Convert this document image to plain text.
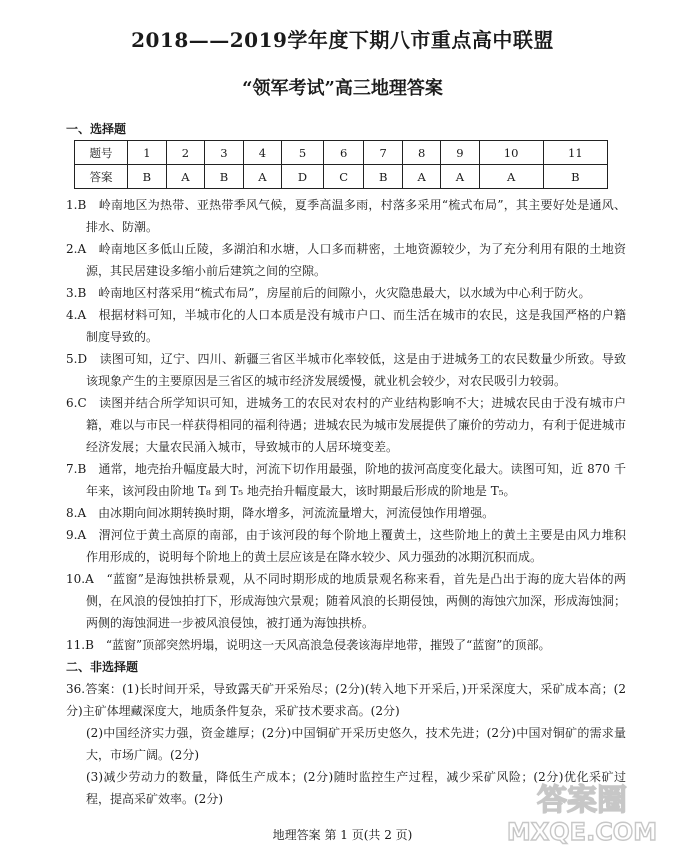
2018——2019学年度下期八市重点高中联盟
“领军考试”高三地理答案
一、选择题
题号	1	2	3	4	5	6	7	8	9	10	11
答案	B	A	B	A	D	C	B	A	A	A	B

1.B　岭南地区为热带、亚热带季风气候，夏季高温多雨，村落多采用“梳式布局”，其主要好处是通风、排水、防潮。

2.A　岭南地区多低山丘陵，多湖泊和水塘，人口多而耕密，土地资源较少，为了充分利用有限的土地资源，其民居建设多缩小前后建筑之间的空隙。

3.B　岭南地区村落采用“梳式布局”，房屋前后的间隙小，火灾隐患最大，以水域为中心利于防火。

4.A　根据材料可知，半城市化的人口本质是没有城市户口、而生活在城市的农民，这是我国严格的户籍制度导致的。

5.D　读图可知，辽宁、四川、新疆三省区半城市化率较低，这是由于进城务工的农民数量少所致。导致该现象产生的主要原因是三省区的城市经济发展缓慢，就业机会较少，对农民吸引力较弱。

6.C　读图并结合所学知识可知，进城务工的农民对农村的产业结构影响不大；进城农民由于没有城市户籍，难以与市民一样获得相同的福利待遇；进城农民为城市发展提供了廉价的劳动力，有利于促进城市经济发展；大量农民涌入城市，导致城市的人居环境变差。

7.B　通常，地壳抬升幅度最大时，河流下切作用最强，阶地的拔河高度变化最大。读图可知，近 870 千年来，该河段由阶地 T₈ 到 T₅ 地壳抬升幅度最大，该时期最后形成的阶地是 T₅。

8.A　由冰期向间冰期转换时期，降水增多，河流流量增大，河流侵蚀作用增强。

9.A　渭河位于黄土高原的南部，由于该河段的每个阶地上覆黄土，这些阶地上的黄土主要是由风力堆积作用形成的，说明每个阶地上的黄土层应该是在降水较少、风力强劲的冰期沉积而成。

10.A　“蓝窗”是海蚀拱桥景观，从不同时期形成的地质景观名称来看，首先是凸出于海的庞大岩体的两侧，在风浪的侵蚀拍打下，形成海蚀穴景观；随着风浪的长期侵蚀，两侧的海蚀穴加深，形成海蚀洞；两侧的海蚀洞进一步被风浪侵蚀，被打通为海蚀拱桥。

11.B　“蓝窗”顶部突然坍塌，说明这一天风高浪急侵袭该海岸地带，摧毁了“蓝窗”的顶部。

二、非选择题

36.答案：(1)长时间开采，导致露天矿开采殆尽；(2分)(转入地下开采后，)开采深度大，采矿成本高；(2分)主矿体埋藏深度大，地质条件复杂，采矿技术要求高。(2分)

(2)中国经济实力强，资金雄厚；(2分)中国铜矿开采历史悠久，技术先进；(2分)中国对铜矿的需求量大，市场广阔。(2分)

(3)减少劳动力的数量，降低生产成本；(2分)随时监控生产过程，减少采矿风险；(2分)优化采矿过程，提高采矿效率。(2分)

地理答案 第 1 页(共 2 页)
答案圈
MXQE.COM
